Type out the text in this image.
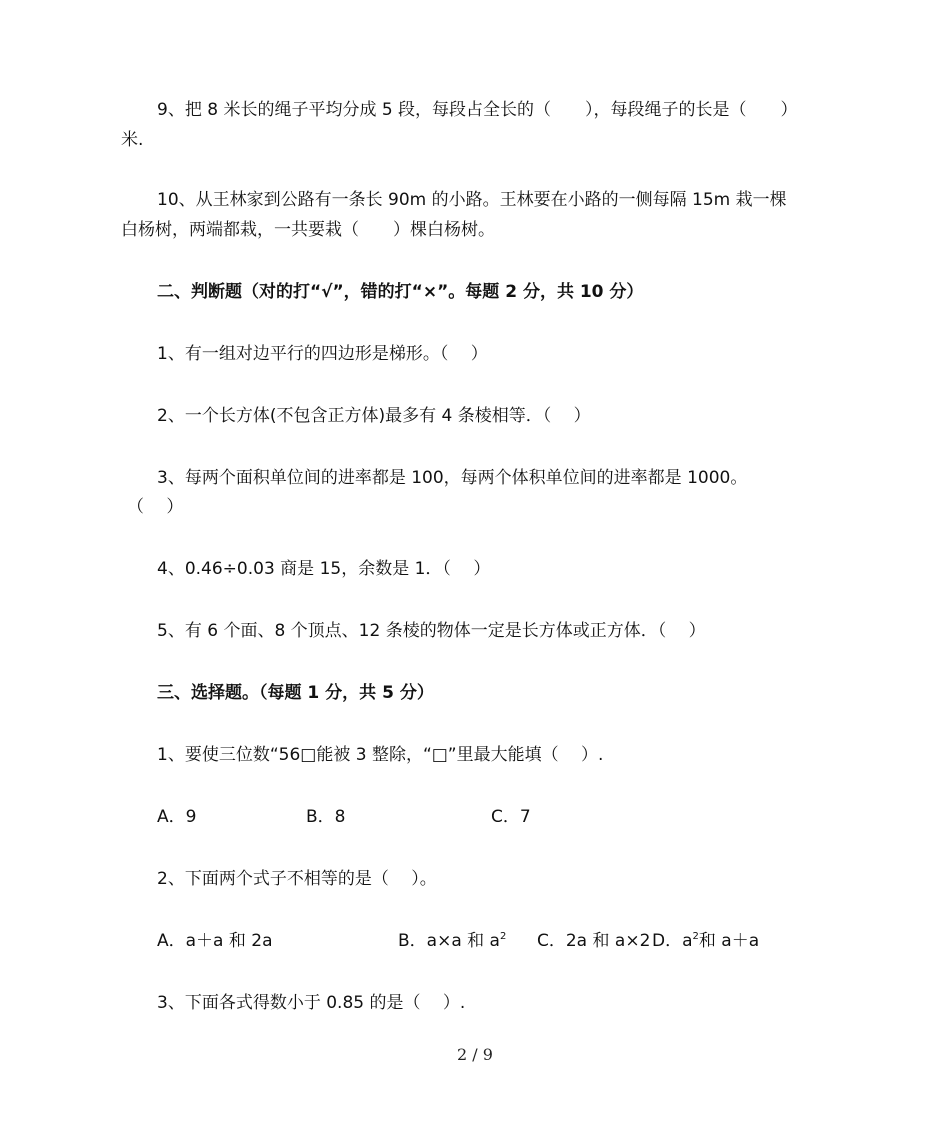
9、把 8 米长的绳子平均分成 5 段，每段占全长的（　　），每段绳子的长是（　　）
米.
10、从王林家到公路有一条长 90m 的小路。王林要在小路的一侧每隔 15m 栽一棵
白杨树，两端都栽，一共要栽（　　）棵白杨树。
二、判断题（对的打“√”，错的打“×”。每题 2 分，共 10 分）
1、有一组对边平行的四边形是梯形。（　 ）
2、一个长方体(不包含正方体)最多有 4 条棱相等．（　 ）
3、每两个面积单位间的进率都是 100，每两个体积单位间的进率都是 1000。
（　 ）
4、0.46÷0.03 商是 15，余数是 1．（　 ）
5、有 6 个面、8 个顶点、12 条棱的物体一定是长方体或正方体．（　 ）
三、选择题。（每题 1 分，共 5 分）
1、要使三位数“56□能被 3 整除，“□”里最大能填（　 ）.
A．9	B．8	C．7
2、下面两个式子不相等的是（　 ）。
A．a＋a 和 2a	B．a×a 和 $a^2$ C．2a 和 a×2 D．$a^2$和 a＋a
3、下面各式得数小于 0.85 的是（　 ）.
2 / 9
